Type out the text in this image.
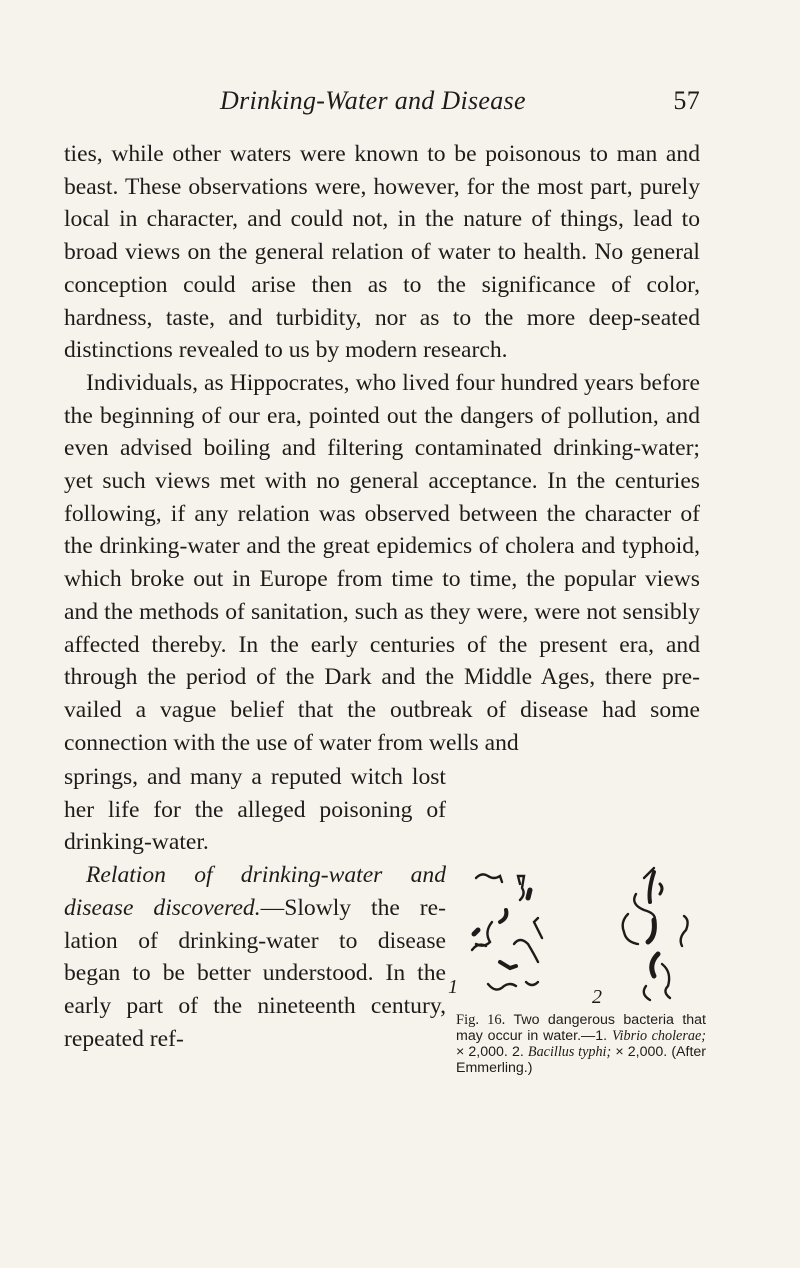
Drinking-Water and Disease	57
ties, while other waters were known to be poisonous to man and beast. These observations were, however, for the most part, purely local in character, and could not, in the nature of things, lead to broad views on the general relation of water to health. No general conception could arise then as to the significance of color, hardness, taste, and turbidity, nor as to the more deep-seated distinctions revealed to us by modern research.
Individuals, as Hippocrates, who lived four hundred years before the beginning of our era, pointed out the dangers of pollution, and even advised boiling and filtering contaminated drinking-water; yet such views met with no general acceptance. In the centuries following, if any relation was observed between the character of the drinking-water and the great epidemics of cholera and typhoid, which broke out in Europe from time to time, the popular views and the methods of sanitation, such as they were, were not sensibly affected thereby. In the early centuries of the present era, and through the period of the Dark and the Middle Ages, there prevailed a vague belief that the outbreak of disease had some connection with the use of water from wells and
springs, and many a reputed witch lost her life for the alleged poisoning of drinking-water.
Relation of drinking-water and disease discovered.—Slowly the relation of drinking-water to disease began to be better understood. In the early part of the nineteenth century, repeated ref-
1	2
Fig. 16. Two dangerous bacteria that may occur in water.—1. Vibrio cholerae; × 2,000. 2. Bacillus typhi; × 2,000. (After Emmerling.)
